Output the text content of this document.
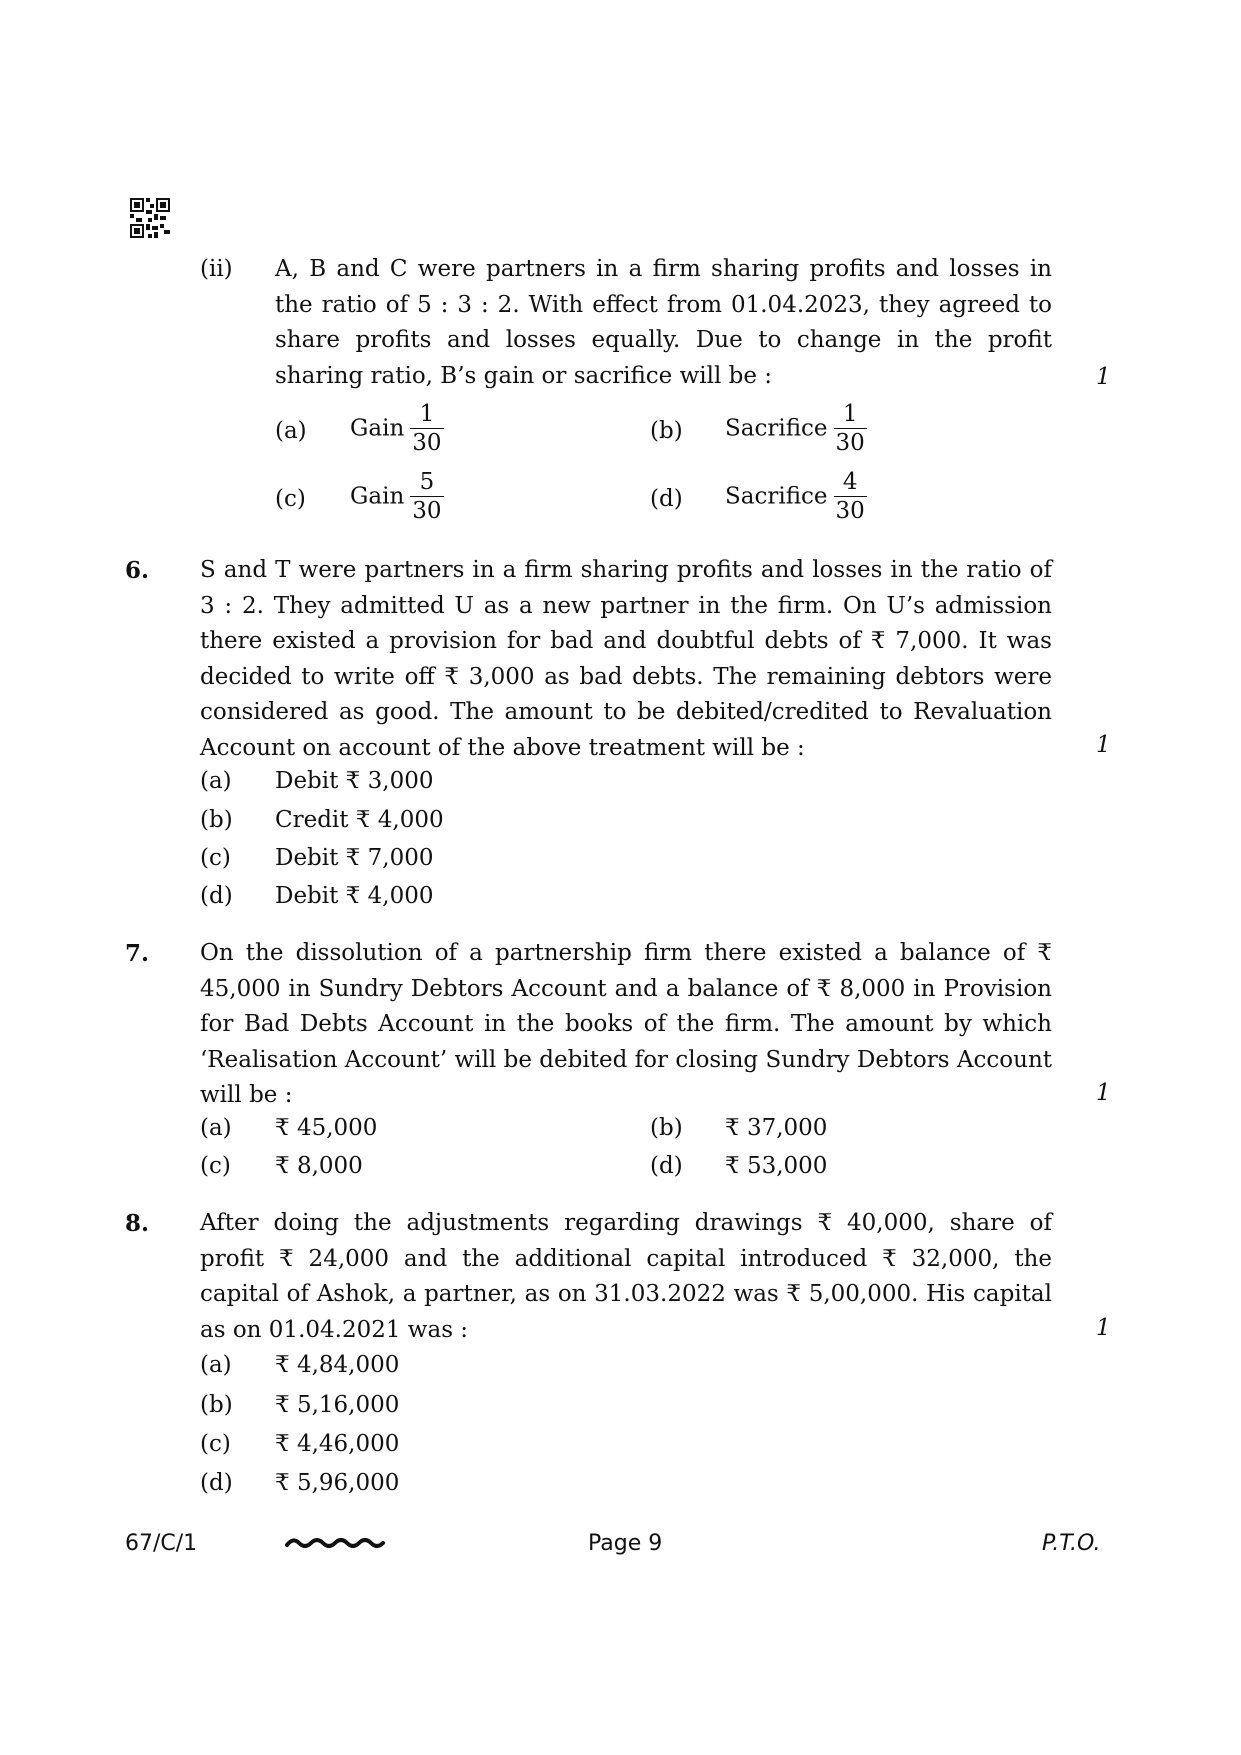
(ii) A, B and C were partners in a firm sharing profits and losses in the ratio of 5 : 3 : 2. With effect from 01.04.2023, they agreed to share profits and losses equally. Due to change in the profit sharing ratio, B’s gain or sacrifice will be :	1
(a) Gain $\frac{1}{30}$	(b) Sacrifice $\frac{1}{30}$
(c) Gain $\frac{5}{30}$	(d) Sacrifice $\frac{4}{30}$
6. S and T were partners in a firm sharing profits and losses in the ratio of 3 : 2. They admitted U as a new partner in the firm. On U’s admission there existed a provision for bad and doubtful debts of ₹ 7,000. It was decided to write off ₹ 3,000 as bad debts. The remaining debtors were considered as good. The amount to be debited/credited to Revaluation Account on account of the above treatment will be :	1
(a) Debit ₹ 3,000
(b) Credit ₹ 4,000
(c) Debit ₹ 7,000
(d) Debit ₹ 4,000
7. On the dissolution of a partnership firm there existed a balance of ₹ 45,000 in Sundry Debtors Account and a balance of ₹ 8,000 in Provision for Bad Debts Account in the books of the firm. The amount by which ‘Realisation Account’ will be debited for closing Sundry Debtors Account will be :	1
(a) ₹ 45,000	(b) ₹ 37,000
(c) ₹ 8,000	(d) ₹ 53,000
8. After doing the adjustments regarding drawings ₹ 40,000, share of profit ₹ 24,000 and the additional capital introduced ₹ 32,000, the capital of Ashok, a partner, as on 31.03.2022 was ₹ 5,00,000. His capital as on 01.04.2021 was :	1
(a) ₹ 4,84,000
(b) ₹ 5,16,000
(c) ₹ 4,46,000
(d) ₹ 5,96,000
67/C/1	Page 9	P.T.O.
